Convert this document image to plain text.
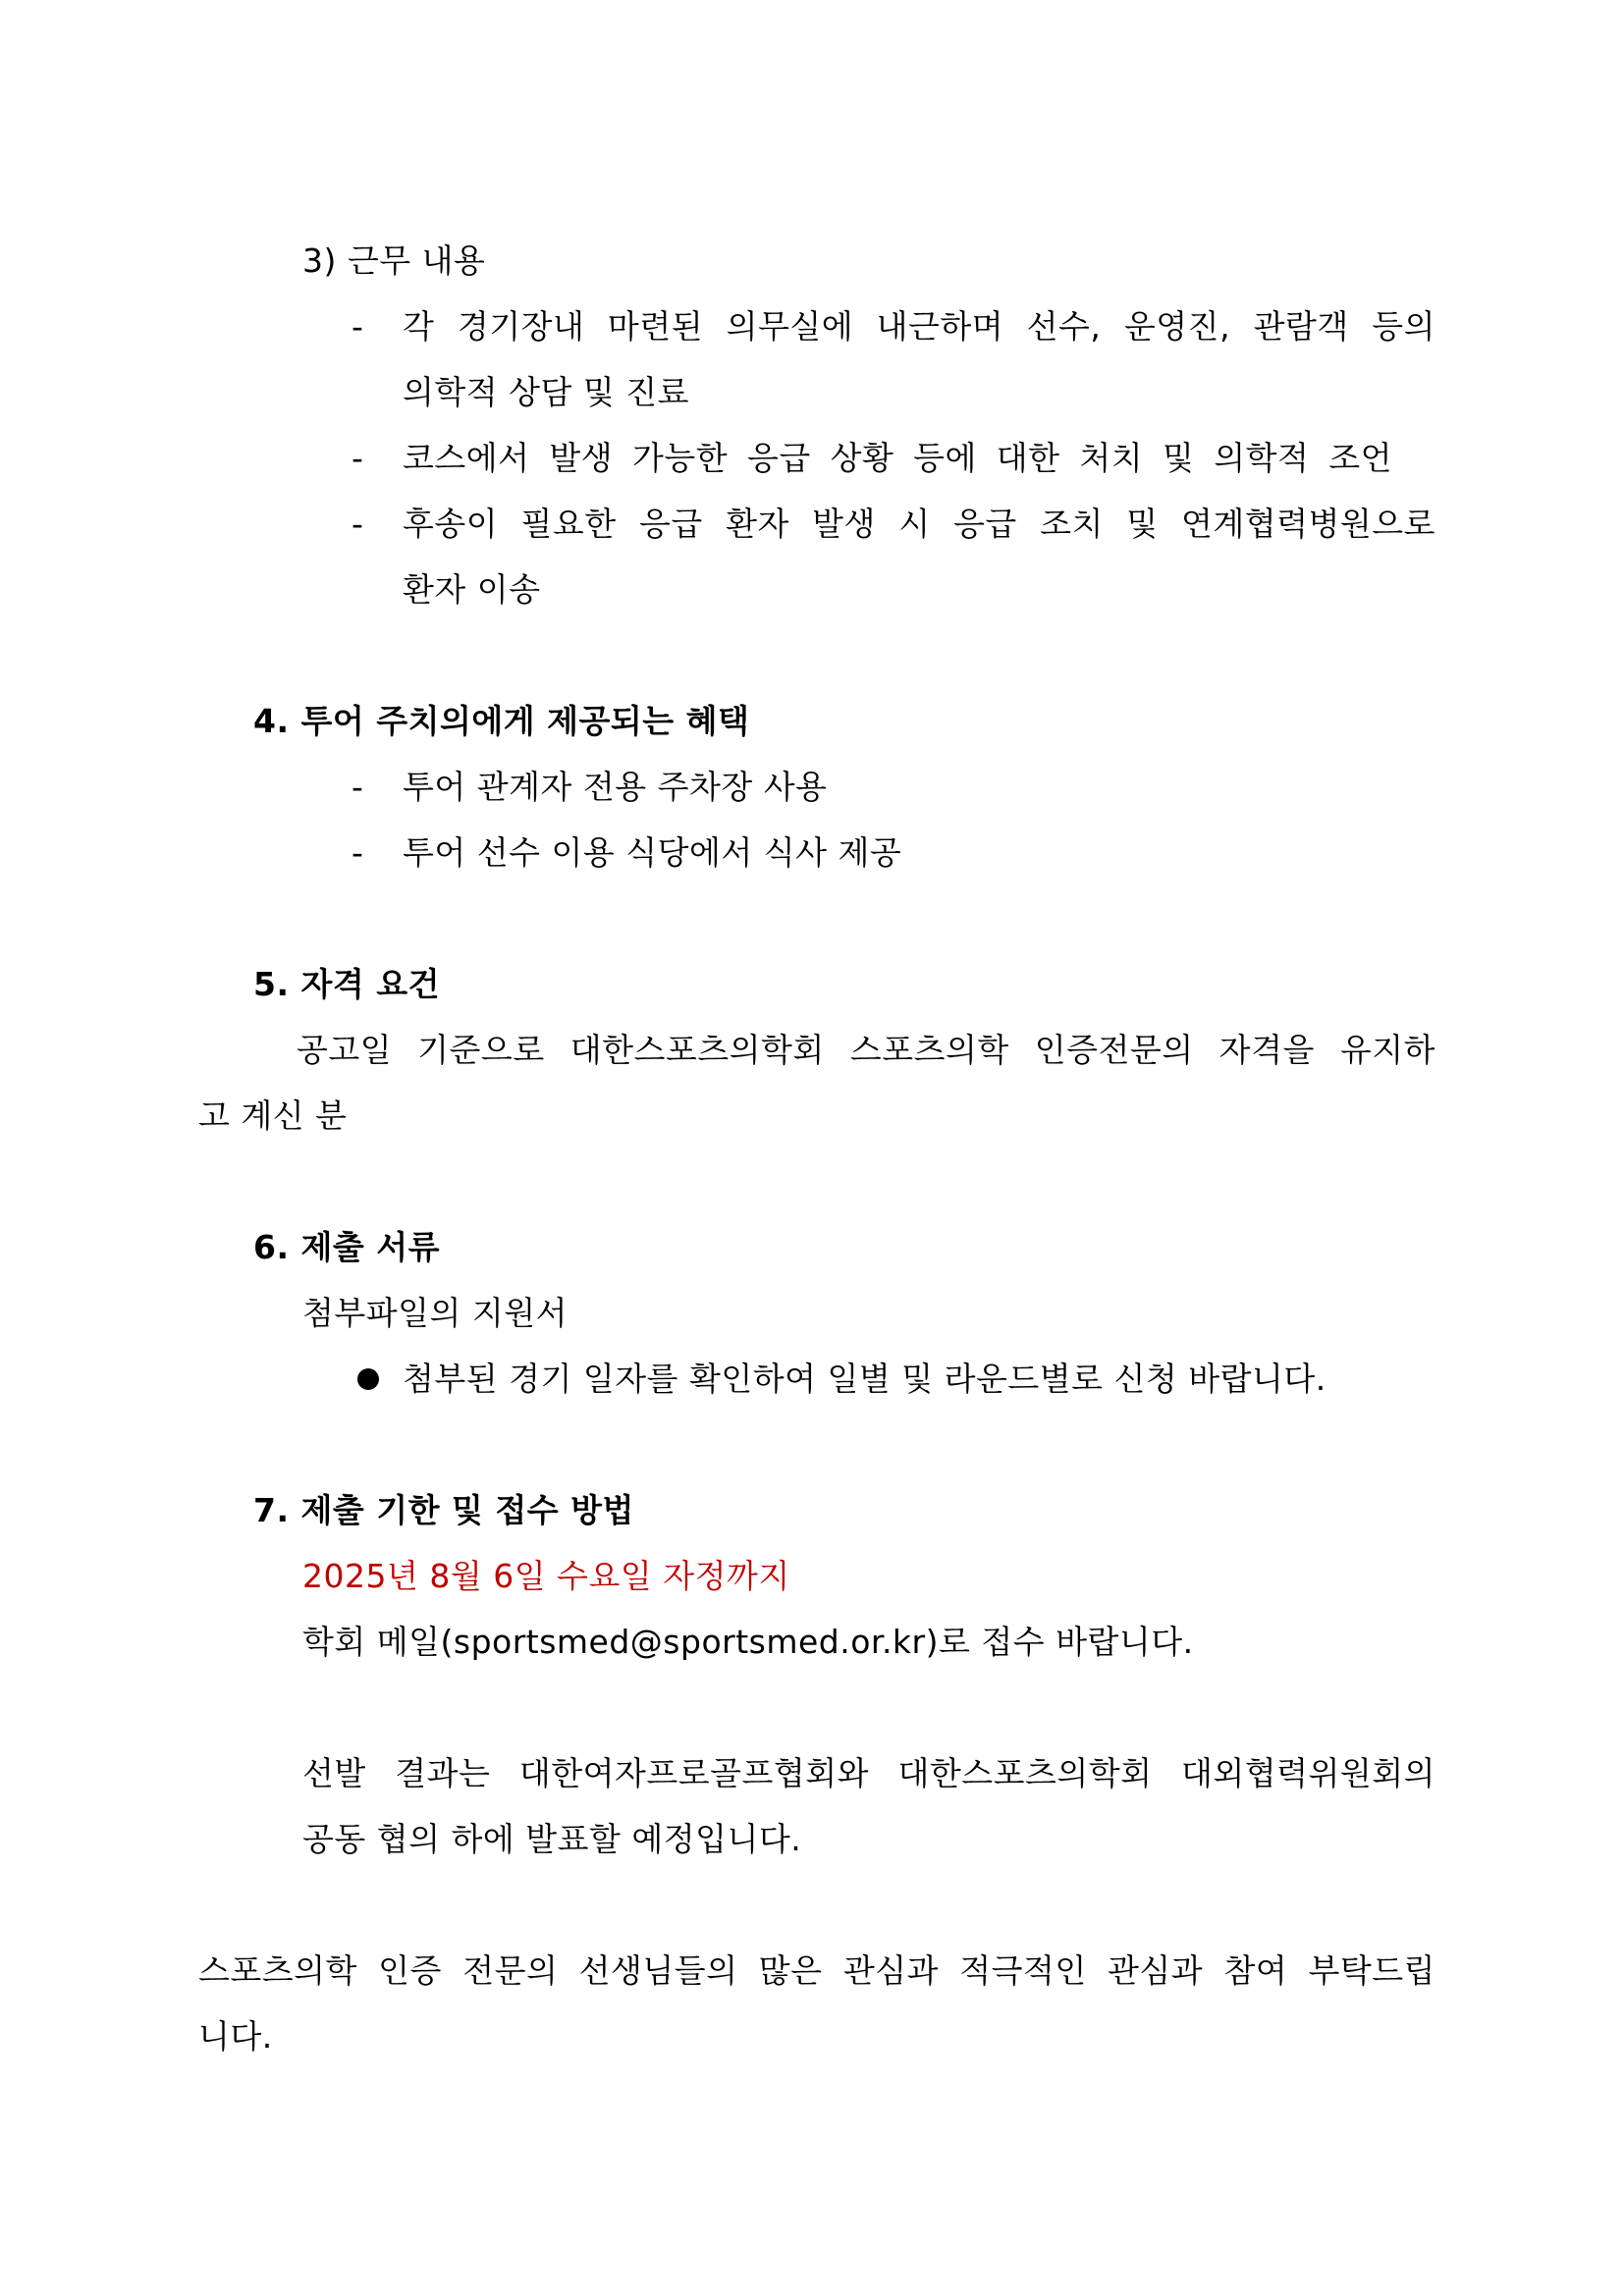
3) 근무 내용
- 각 경기장내 마련된 의무실에 내근하며 선수, 운영진, 관람객 등의
의학적 상담 및 진료
- 코스에서 발생 가능한 응급 상황 등에 대한 처치 및 의학적 조언
- 후송이 필요한 응급 환자 발생 시 응급 조치 및 연계협력병원으로
환자 이송
4. 투어 주치의에게 제공되는 혜택
- 투어 관계자 전용 주차장 사용
- 투어 선수 이용 식당에서 식사 제공
5. 자격 요건
공고일 기준으로 대한스포츠의학회 스포츠의학 인증전문의 자격을 유지하
고 계신 분
6. 제출 서류
첨부파일의 지원서
첨부된 경기 일자를 확인하여 일별 및 라운드별로 신청 바랍니다.
7. 제출 기한 및 접수 방법
2025년 8월 6일 수요일 자정까지
학회 메일(sportsmed@sportsmed.or.kr)로 접수 바랍니다.
선발 결과는 대한여자프로골프협회와 대한스포츠의학회 대외협력위원회의
공동 협의 하에 발표할 예정입니다.
스포츠의학 인증 전문의 선생님들의 많은 관심과 적극적인 관심과 참여 부탁드립
니다.
